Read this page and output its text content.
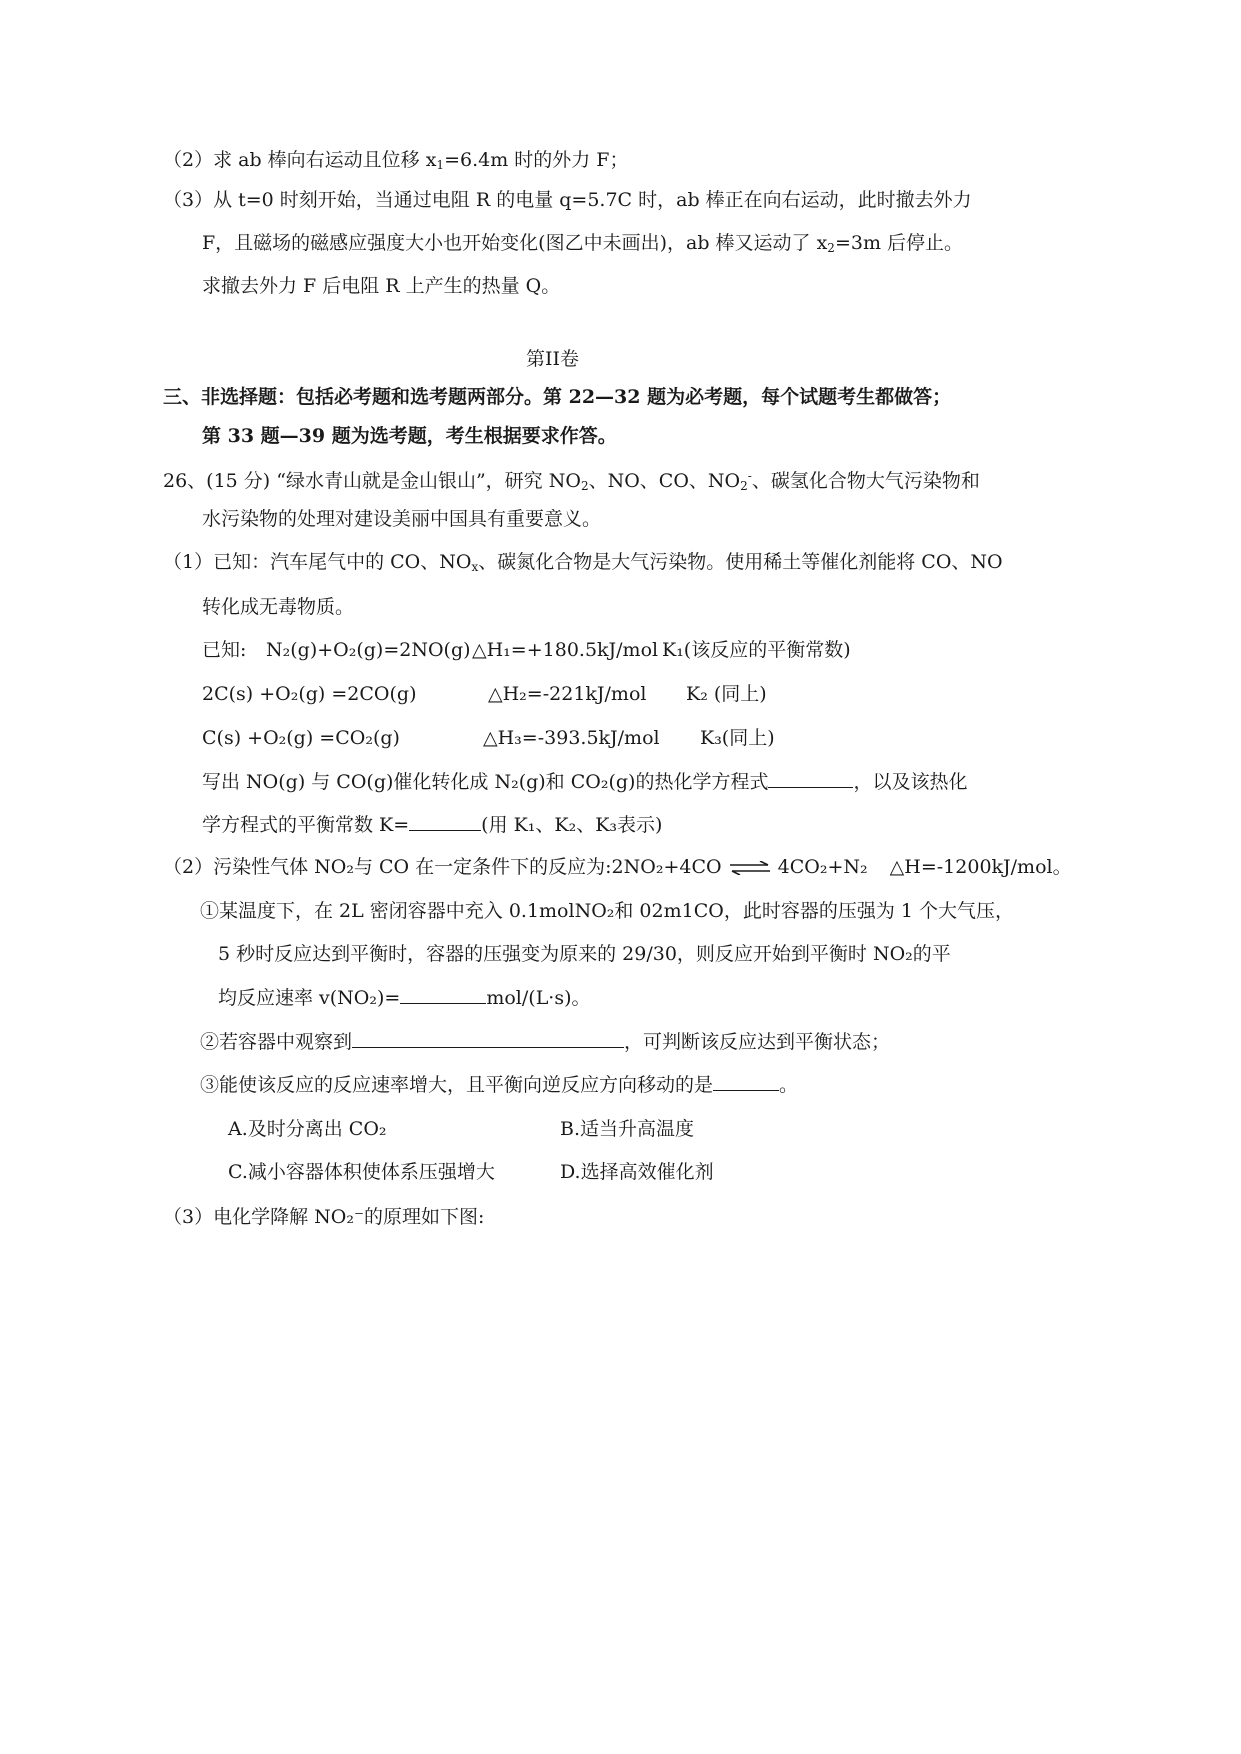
（2）求 ab 棒向右运动且位移 $x_1=6.4m$ 时的外力 F；
（3）从 t=0 时刻开始，当通过电阻 R 的电量 q=5.7C 时，ab 棒正在向右运动，此时撤去外力
F，且磁场的磁感应强度大小也开始变化(图乙中未画出)，ab 棒又运动了 $x_2=3m$ 后停止。
求撤去外力 F 后电阻 R 上产生的热量 Q。
第II卷
三、非选择题：包括必考题和选考题两部分。第 22—32 题为必考题，每个试题考生都做答；
第 33 题—39 题为选考题，考生根据要求作答。
26、(15 分) “绿水青山就是金山银山”，研究 $NO_2$、NO、CO、$NO_2^-$、碳氢化合物大气污染物和
水污染物的处理对建设美丽中国具有重要意义。
（1）已知：汽车尾气中的 CO、$NO_x$、碳氮化合物是大气污染物。使用稀土等催化剂能将 CO、NO
转化成无毒物质。
已知: N₂(g)+O₂(g)=2NO(g) △H₁=+180.5kJ/mol K₁(该反应的平衡常数)
2C(s) +O₂(g) =2CO(g)	△H₂=-221kJ/mol K₂ (同上)
C(s) +O₂(g) =CO₂(g)	△H₃=-393.5kJ/mol K₃(同上)
写出 NO(g) 与 CO(g)催化转化成 N₂(g)和 CO₂(g)的热化学方程式	，以及该热化
学方程式的平衡常数 K=	(用 K₁、K₂、K₃表示)
（2）污染性气体 NO₂与 CO 在一定条件下的反应为:2NO₂+4CO ⇌ 4CO₂+N₂ △H=-1200kJ/mol。
①某温度下，在 2L 密闭容器中充入 0.1molNO₂和 02m1CO，此时容器的压强为 1 个大气压，
5 秒时反应达到平衡时，容器的压强变为原来的 29/30，则反应开始到平衡时 NO₂的平
均反应速率 v(NO₂)=	mol/(L·s)。
②若容器中观察到	，可判断该反应达到平衡状态；
③能使该反应的反应速率增大，且平衡向逆反应方向移动的是	。
A.及时分离出 CO₂	B.适当升高温度
C.减小容器体积使体系压强增大	D.选择高效催化剂
（3）电化学降解 NO₂⁻的原理如下图:
